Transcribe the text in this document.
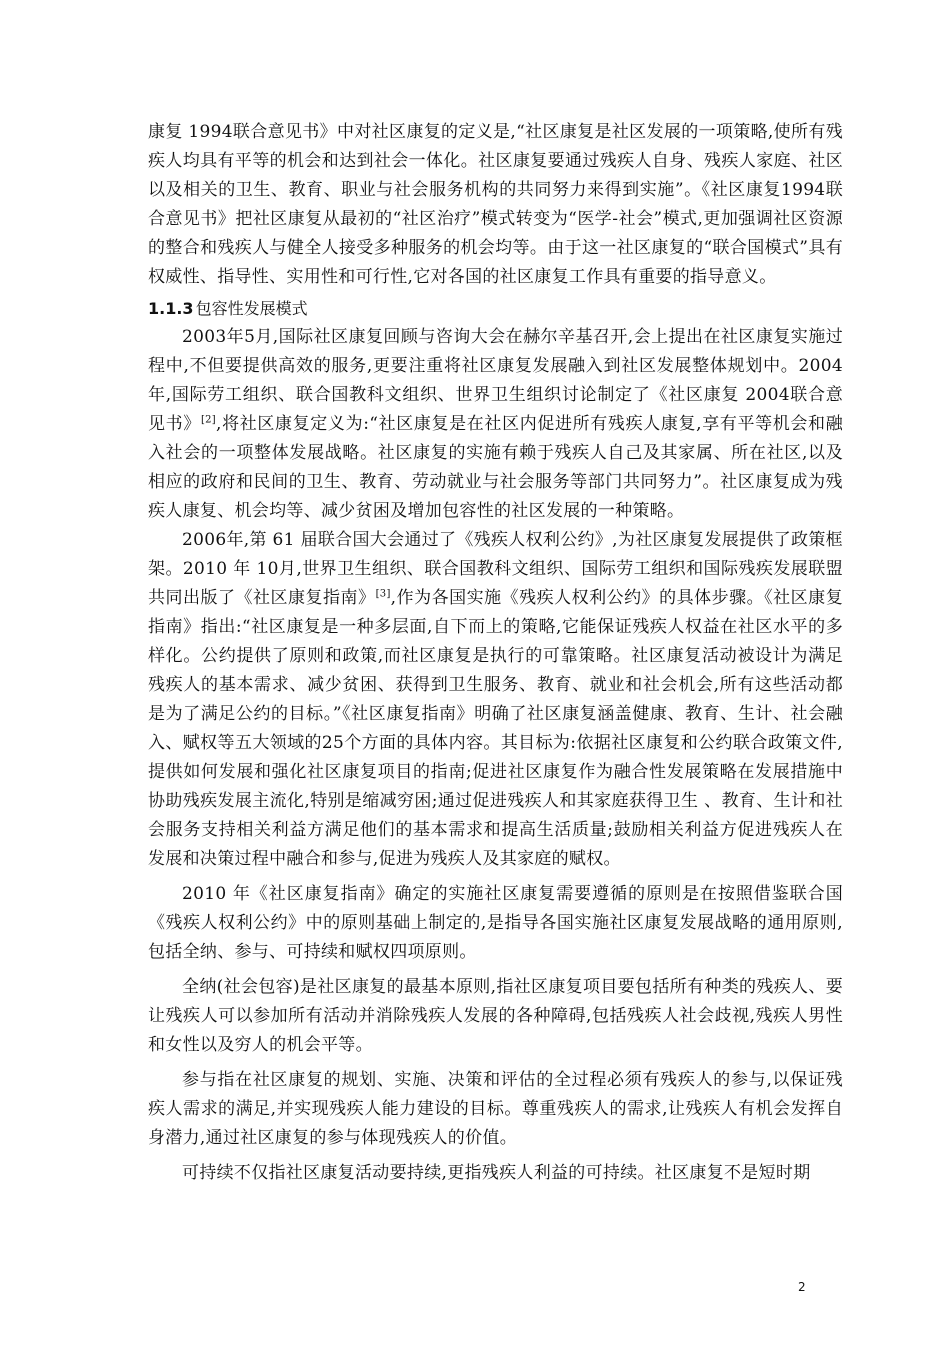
康复 1994联合意见书》中对社区康复的定义是,“社区康复是社区发展的一项策略,使所有残疾人均具有平等的机会和达到社会一体化。社区康复要通过残疾人自身、残疾人家庭、社区以及相关的卫生、教育、职业与社会服务机构的共同努力来得到实施”。《社区康复1994联合意见书》把社区康复从最初的“社区治疗”模式转变为“医学-社会”模式,更加强调社区资源的整合和残疾人与健全人接受多种服务的机会均等。由于这一社区康复的“联合国模式”具有权威性、指导性、实用性和可行性,它对各国的社区康复工作具有重要的指导意义。

1.1.3 包容性发展模式

2003年5月,国际社区康复回顾与咨询大会在赫尔辛基召开,会上提出在社区康复实施过程中,不但要提供高效的服务,更要注重将社区康复发展融入到社区发展整体规划中。2004年,国际劳工组织、联合国教科文组织、世界卫生组织讨论制定了《社区康复 2004联合意见书》[2],将社区康复定义为:“社区康复是在社区内促进所有残疾人康复,享有平等机会和融入社会的一项整体发展战略。社区康复的实施有赖于残疾人自己及其家属、所在社区,以及相应的政府和民间的卫生、教育、劳动就业与社会服务等部门共同努力”。社区康复成为残疾人康复、机会均等、减少贫困及增加包容性的社区发展的一种策略。

2006年,第 61 届联合国大会通过了《残疾人权利公约》,为社区康复发展提供了政策框架。2010 年 10月,世界卫生组织、联合国教科文组织、国际劳工组织和国际残疾发展联盟共同出版了《社区康复指南》[3],作为各国实施《残疾人权利公约》的具体步骤。《社区康复指南》指出:“社区康复是一种多层面,自下而上的策略,它能保证残疾人权益在社区水平的多样化。公约提供了原则和政策,而社区康复是执行的可靠策略。社区康复活动被设计为满足残疾人的基本需求、减少贫困、获得到卫生服务、教育、就业和社会机会,所有这些活动都是为了满足公约的目标。”《社区康复指南》明确了社区康复涵盖健康、教育、生计、社会融入、赋权等五大领域的25个方面的具体内容。其目标为:依据社区康复和公约联合政策文件,提供如何发展和强化社区康复项目的指南;促进社区康复作为融合性发展策略在发展措施中协助残疾发展主流化,特别是缩减穷困;通过促进残疾人和其家庭获得卫生 、教育、生计和社会服务支持相关利益方满足他们的基本需求和提高生活质量;鼓励相关利益方促进残疾人在发展和决策过程中融合和参与,促进为残疾人及其家庭的赋权。

2010 年《社区康复指南》确定的实施社区康复需要遵循的原则是在按照借鉴联合国《残疾人权利公约》中的原则基础上制定的,是指导各国实施社区康复发展战略的通用原则, 包括全纳、参与、可持续和赋权四项原则。

全纳(社会包容)是社区康复的最基本原则,指社区康复项目要包括所有种类的残疾人、要让残疾人可以参加所有活动并消除残疾人发展的各种障碍,包括残疾人社会歧视,残疾人男性和女性以及穷人的机会平等。

参与指在社区康复的规划、实施、决策和评估的全过程必须有残疾人的参与,以保证残疾人需求的满足,并实现残疾人能力建设的目标。尊重残疾人的需求,让残疾人有机会发挥自身潜力,通过社区康复的参与体现残疾人的价值。

可持续不仅指社区康复活动要持续,更指残疾人利益的可持续。社区康复不是短时期

2
